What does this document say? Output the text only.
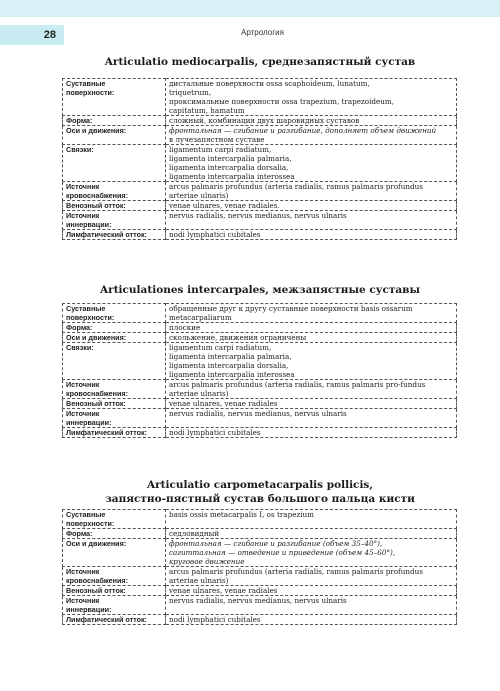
28	Артрология
Articulatio mediocarpalis, среднезапястный сустав
Суставные
поверхности:	дистальные поверхности ossa scaphoideum, lunatum,
triquetrum,
проксимальные поверхности ossa trapezium, trapezoideum,
capitatum, hamatum

Форма:	сложный, комбинация двух шаровидных суставов

Оси и движения:	фронтальная — сгибание и разгибание, дополняет объем движений
в лучезапястном суставе

Связки:	ligamentum carpi radiatum,
ligamenta intercarpalia palmaria,
ligamenta intercarpalia dorsalia,
ligamenta intercarpalia interossea

Источник
кровоснабжения:	arcus palmaris profundus (arteria radialis, ramus palmaris profundus
arteriae ulnaris)

Венозный отток:	venae ulnares, venae radiales.

Источник
иннервации:	nervus radialis, nervus medianus, nervus ulnaris

Лимфатический отток:	nodi lymphatici cubitales
Articulationes intercarpales, межзапястные суставы
Суставные
поверхности:	обращенные друг к другу суставные поверхности basis ossarum
metacarpaliarum

Форма:	плоские

Оси и движения:	скольжение, движения ограничены

Связки:	ligamentum carpi radiatum,
ligamenta intercarpalia palmaria,
ligamenta intercarpalia dorsalia,
ligamenta intercarpalia interossea

Источник
кровоснабжения:	arcus palmaris profundus (arteria radialis, ramus palmaris pro-fundus
arteriae ulnaris)

Венозный отток:	venae ulnares, venae radiales

Источник
иннервации:	nervus radialis, nervus medianus, nervus ulnaris

Лимфатический отток:	nodi lymphatici cubitales
Articulatio carpometacarpalis pollicis,
запястно-пястный сустав большого пальца кисти
Суставные
поверхности:	basis ossis metacarpalis I, os trapezium

Форма:	седловидный

Оси и движения:	фронтальная — сгибание и разгибание (объем 35–40°),
сагиттальная — отведение и приведение (объем 45–60°),
круговое движение

Источник
кровоснабжения:	arcus palmaris profundus (arteria radialis, ramus palmaris profundus
arteriae ulnaris)

Венозный отток:	venae ulnares, venae radiales

Источник
иннервации:	nervus radialis, nervus medianus, nervus ulnaris

Лимфатический отток:	nodi lymphatici cubitales
